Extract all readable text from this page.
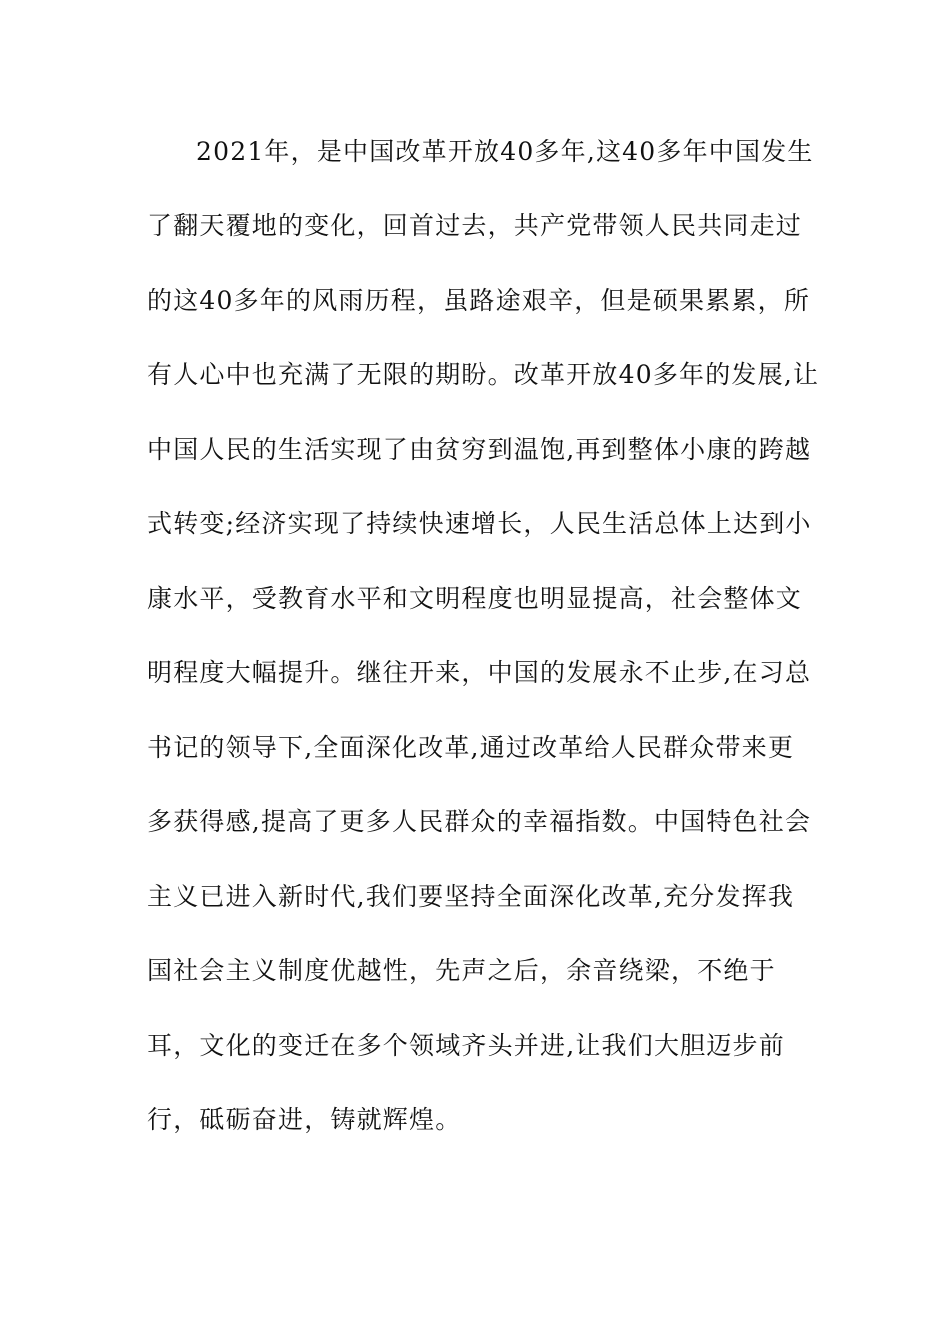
2021年，是中国改革开放40多年,这40多年中国发生
了翻天覆地的变化，回首过去，共产党带领人民共同走过
的这40多年的风雨历程，虽路途艰辛，但是硕果累累，所
有人心中也充满了无限的期盼。改革开放40多年的发展,让
中国人民的生活实现了由贫穷到温饱,再到整体小康的跨越
式转变;经济实现了持续快速增长，人民生活总体上达到小
康水平，受教育水平和文明程度也明显提高，社会整体文
明程度大幅提升。继往开来，中国的发展永不止步,在习总
书记的领导下,全面深化改革,通过改革给人民群众带来更
多获得感,提高了更多人民群众的幸福指数。中国特色社会
主义已进入新时代,我们要坚持全面深化改革,充分发挥我
国社会主义制度优越性，先声之后，余音绕梁，不绝于
耳，文化的变迁在多个领域齐头并进,让我们大胆迈步前
行，砥砺奋进，铸就辉煌。
